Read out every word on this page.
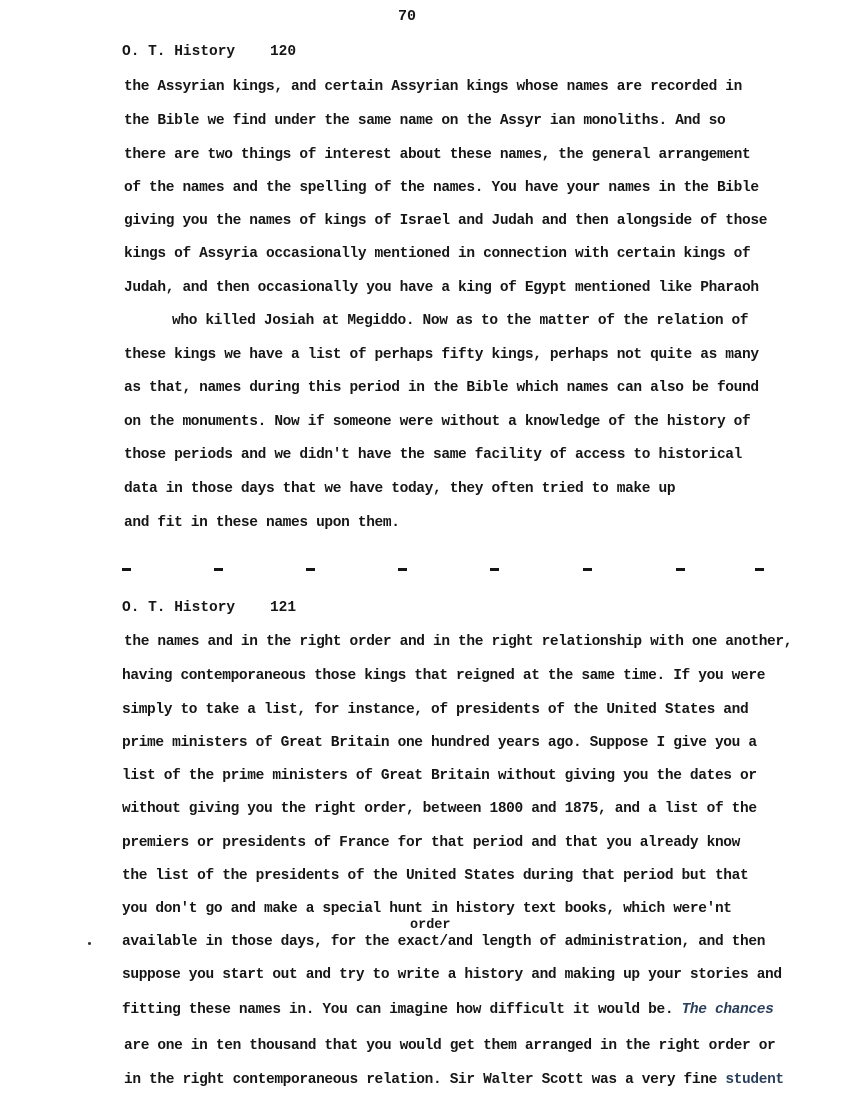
70
O. T. History 120
the Assyrian kings, and certain Assyrian kings whose names are recorded in
the Bible we find under the same name on the Assyr ian monoliths. And so
there are two things of interest about these names, the general arrangement
of the names and the spelling of the names. You have your names in the Bible
giving you the names of kings of Israel and Judah and then alongside of those
kings of Assyria occasionally mentioned in connection with certain kings of
Judah, and then occasionally you have a king of Egypt mentioned like Pharaoh
who killed Josiah at Megiddo. Now as to the matter of the relation of
these kings we have a list of perhaps fifty kings, perhaps not quite as many
as that, names during this period in the Bible which names can also be found
on the monuments. Now if someone were without a knowledge of the history of
those periods and we didn't have the same facility of access to historical
data in those days that we have today, they often tried to make up
and fit in these names upon them.
O. T. History 121
the names and in the right order and in the right relationship with one another,
having contemporaneous those kings that reigned at the same time. If you were
simply to take a list, for instance, of presidents of the United States and
prime ministers of Great Britain one hundred years ago. Suppose I give you a
list of the prime ministers of Great Britain without giving you the dates or
without giving you the right order, between 1800 and 1875, and a list of the
premiers or presidents of France for that period and that you already know
the list of the presidents of the United States during that period but that
you don't go and make a special hunt in history text books, which were'nt
order
available in those days, for the exact/and length of administration, and then
suppose you start out and try to write a history and making up your stories and
fitting these names in. You can imagine how difficult it would be. The chances
are one in ten thousand that you would get them arranged in the right order or
in the right contemporaneous relation. Sir Walter Scott was a very fine student
